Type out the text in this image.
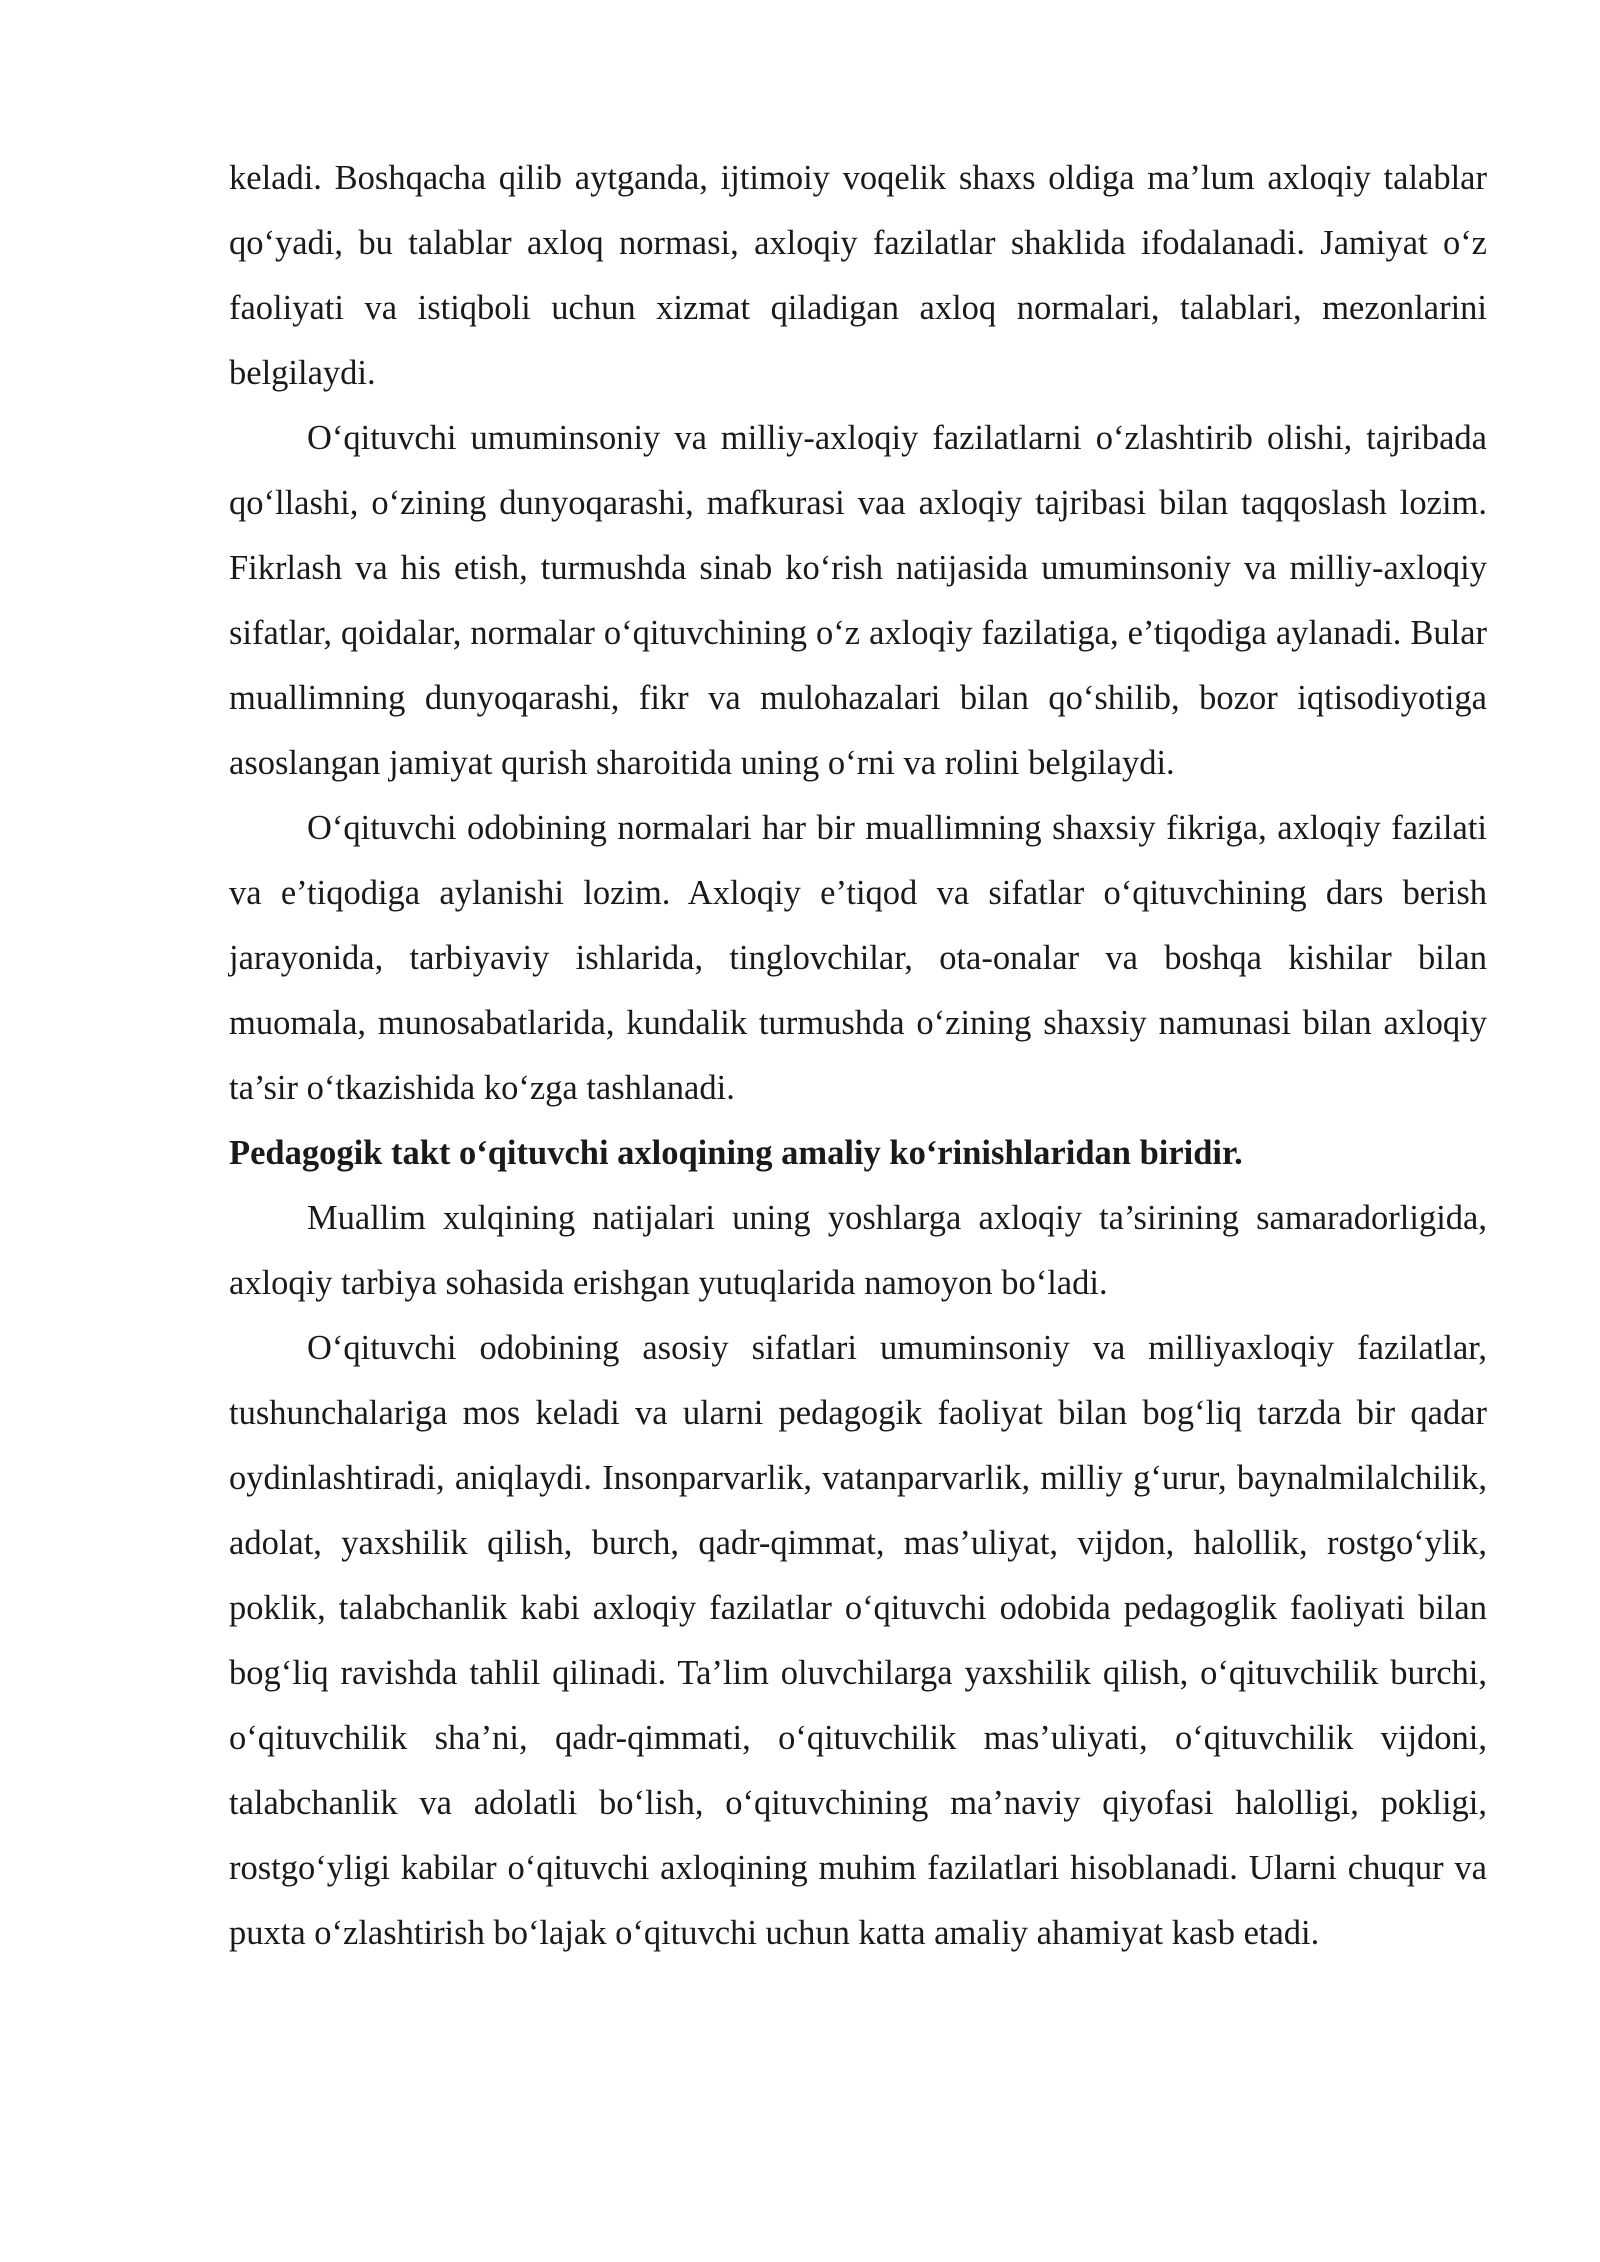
keladi. Boshqacha qilib aytganda, ijtimoiy voqelik shaxs oldiga ma’lum axloqiy talablar qo‘yadi, bu talablar axloq normasi, axloqiy fazilatlar shaklida ifodalanadi. Jamiyat o‘z faoliyati va istiqboli uchun xizmat qiladigan axloq normalari, talablari, mezonlarini belgilaydi.

O‘qituvchi umuminsoniy va milliy-axloqiy fazilatlarni o‘zlashtirib olishi, tajribada qo‘llashi, o‘zining dunyoqarashi, mafkurasi vaa axloqiy tajribasi bilan taqqoslash lozim. Fikrlash va his etish, turmushda sinab ko‘rish natijasida umuminsoniy va milliy-axloqiy sifatlar, qoidalar, normalar o‘qituvchining o‘z axloqiy fazilatiga, e’tiqodiga aylanadi. Bular muallimning dunyoqarashi, fikr va mulohazalari bilan qo‘shilib, bozor iqtisodiyotiga asoslangan jamiyat qurish sharoitida uning o‘rni va rolini belgilaydi.

O‘qituvchi odobining normalari har bir muallimning shaxsiy fikriga, axloqiy fazilati va e’tiqodiga aylanishi lozim. Axloqiy e’tiqod va sifatlar o‘qituvchining dars berish jarayonida, tarbiyaviy ishlarida, tinglovchilar, ota-onalar va boshqa kishilar bilan muomala, munosabatlarida, kundalik turmushda o‘zining shaxsiy namunasi bilan axloqiy ta’sir o‘tkazishida ko‘zga tashlanadi.

Pedagogik takt o‘qituvchi axloqining amaliy ko‘rinishlaridan biridir.

Muallim xulqining natijalari uning yoshlarga axloqiy ta’sirining samaradorligida, axloqiy tarbiya sohasida erishgan yutuqlarida namoyon bo‘ladi.

O‘qituvchi odobining asosiy sifatlari umuminsoniy va milliyaxloqiy fazilatlar, tushunchalariga mos keladi va ularni pedagogik faoliyat bilan bog‘liq tarzda bir qadar oydinlashtiradi, aniqlaydi. Insonparvarlik, vatanparvarlik, milliy g‘urur, baynalmilalchilik, adolat, yaxshilik qilish, burch, qadr-qimmat, mas’uliyat, vijdon, halollik, rostgo‘ylik, poklik, talabchanlik kabi axloqiy fazilatlar o‘qituvchi odobida pedagoglik faoliyati bilan bog‘liq ravishda tahlil qilinadi. Ta’lim oluvchilarga yaxshilik qilish, o‘qituvchilik burchi, o‘qituvchilik sha’ni, qadr-qimmati, o‘qituvchilik mas’uliyati, o‘qituvchilik vijdoni, talabchanlik va adolatli bo‘lish, o‘qituvchining ma’naviy qiyofasi halolligi, pokligi, rostgo‘yligi kabilar o‘qituvchi axloqining muhim fazilatlari hisoblanadi. Ularni chuqur va puxta o‘zlashtirish bo‘lajak o‘qituvchi uchun katta amaliy ahamiyat kasb etadi.
